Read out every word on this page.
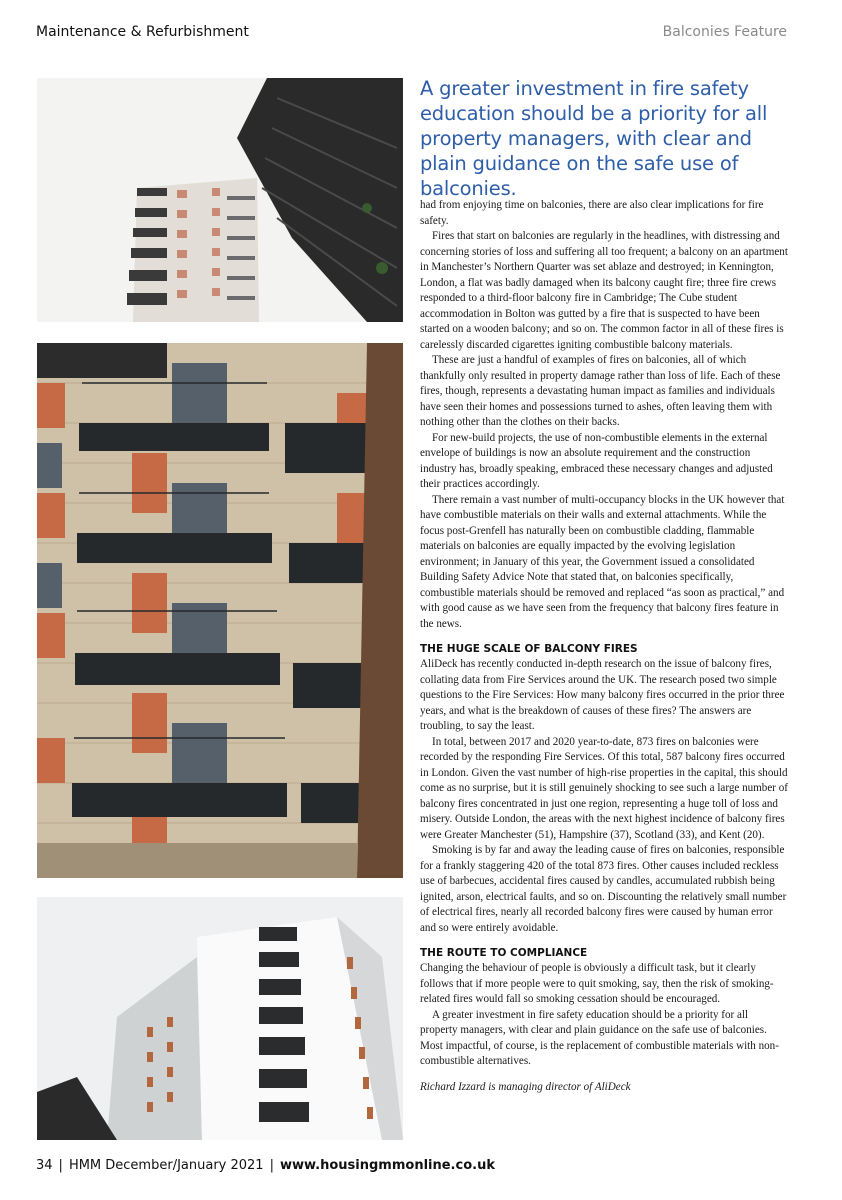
Maintenance & Refurbishment	Balconies Feature
A greater investment in fire safety education should be a priority for all property managers, with clear and plain guidance on the safe use of balconies.

had from enjoying time on balconies, there are also clear implications for fire safety.

Fires that start on balconies are regularly in the headlines, with distressing and concerning stories of loss and suffering all too frequent; a balcony on an apartment in Manchester’s Northern Quarter was set ablaze and destroyed; in Kennington, London, a flat was badly damaged when its balcony caught fire; three fire crews responded to a third-floor balcony fire in Cambridge; The Cube student accommodation in Bolton was gutted by a fire that is suspected to have been started on a wooden balcony; and so on. The common factor in all of these fires is carelessly discarded cigarettes igniting combustible balcony materials.

These are just a handful of examples of fires on balconies, all of which thankfully only resulted in property damage rather than loss of life. Each of these fires, though, represents a devastating human impact as families and individuals have seen their homes and possessions turned to ashes, often leaving them with nothing other than the clothes on their backs.

For new-build projects, the use of non-combustible elements in the external envelope of buildings is now an absolute requirement and the construction industry has, broadly speaking, embraced these necessary changes and adjusted their practices accordingly.

There remain a vast number of multi-occupancy blocks in the UK however that have combustible materials on their walls and external attachments. While the focus post-Grenfell has naturally been on combustible cladding, flammable materials on balconies are equally impacted by the evolving legislation environment; in January of this year, the Government issued a consolidated Building Safety Advice Note that stated that, on balconies specifically, combustible materials should be removed and replaced “as soon as practical,” and with good cause as we have seen from the frequency that balcony fires feature in the news.

THE HUGE SCALE OF BALCONY FIRES

AliDeck has recently conducted in-depth research on the issue of balcony fires, collating data from Fire Services around the UK. The research posed two simple questions to the Fire Services: How many balcony fires occurred in the prior three years, and what is the breakdown of causes of these fires? The answers are troubling, to say the least.

In total, between 2017 and 2020 year-to-date, 873 fires on balconies were recorded by the responding Fire Services. Of this total, 587 balcony fires occurred in London. Given the vast number of high-rise properties in the capital, this should come as no surprise, but it is still genuinely shocking to see such a large number of balcony fires concentrated in just one region, representing a huge toll of loss and misery. Outside London, the areas with the next highest incidence of balcony fires were Greater Manchester (51), Hampshire (37), Scotland (33), and Kent (20).

Smoking is by far and away the leading cause of fires on balconies, responsible for a frankly staggering 420 of the total 873 fires. Other causes included reckless use of barbecues, accidental fires caused by candles, accumulated rubbish being ignited, arson, electrical faults, and so on. Discounting the relatively small number of electrical fires, nearly all recorded balcony fires were caused by human error and so were entirely avoidable.

THE ROUTE TO COMPLIANCE

Changing the behaviour of people is obviously a difficult task, but it clearly follows that if more people were to quit smoking, say, then the risk of smoking-related fires would fall so smoking cessation should be encouraged.

A greater investment in fire safety education should be a priority for all property managers, with clear and plain guidance on the safe use of balconies. Most impactful, of course, is the replacement of combustible materials with non-combustible alternatives.

Richard Izzard is managing director of AliDeck

34 | HMM December/January 2021 | www.housingmmonline.co.uk
